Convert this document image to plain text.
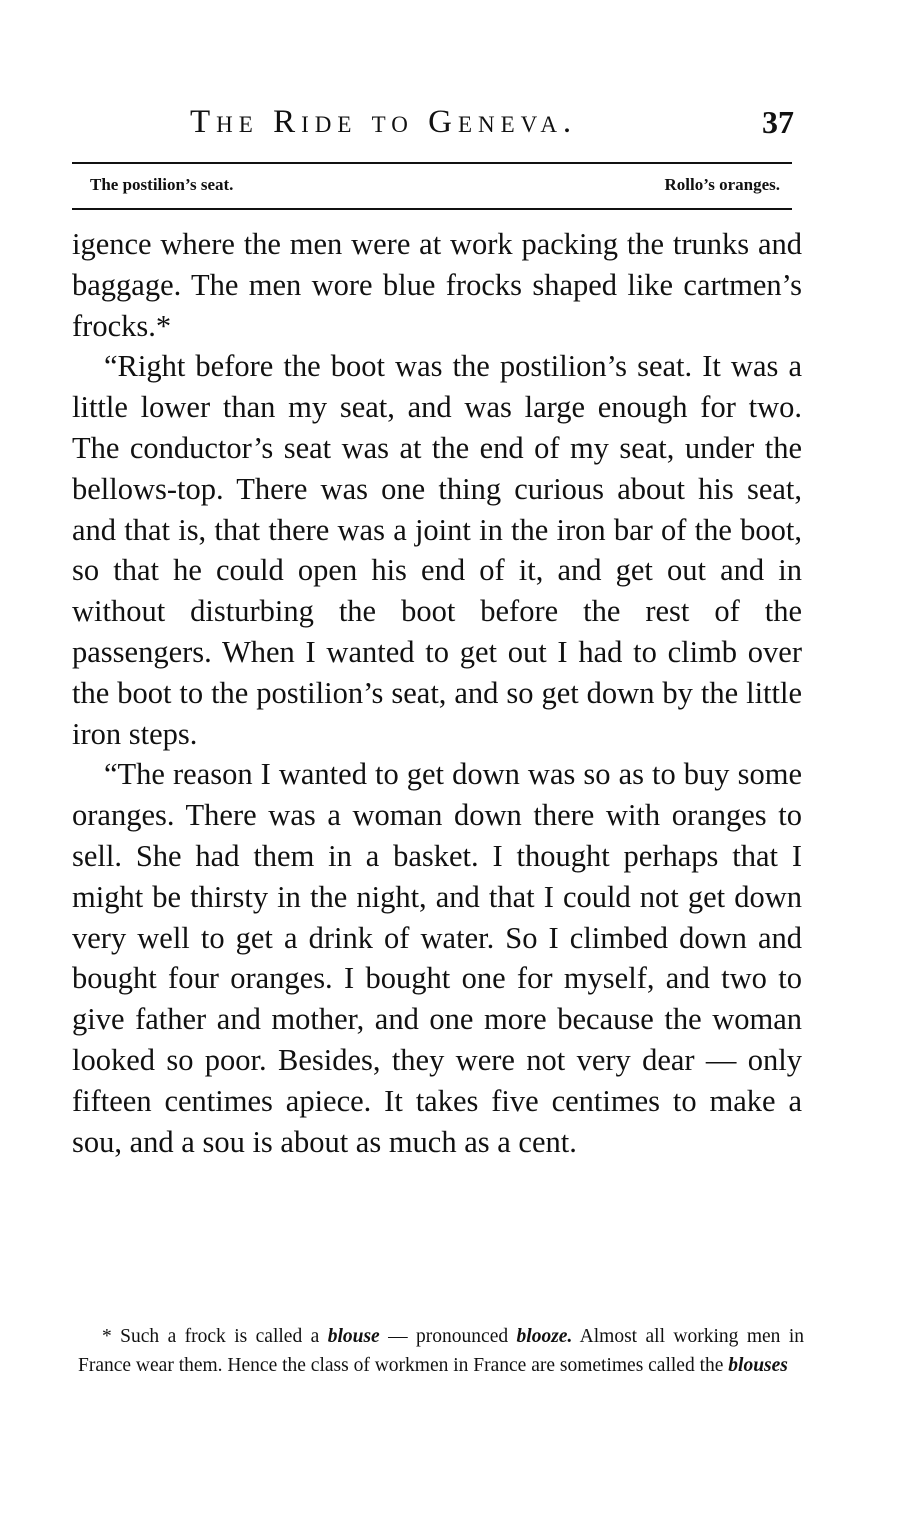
The Ride to Geneva.	37
The postilion’s seat.	Rollo’s oranges.

igence where the men were at work packing the trunks and baggage. The men wore blue frocks shaped like cartmen’s frocks.*

“Right before the boot was the postilion’s seat. It was a little lower than my seat, and was large enough for two. The conductor’s seat was at the end of my seat, under the bellows-top. There was one thing curious about his seat, and that is, that there was a joint in the iron bar of the boot, so that he could open his end of it, and get out and in without disturbing the boot before the rest of the passengers. When I wanted to get out I had to climb over the boot to the postilion’s seat, and so get down by the little iron steps.

“The reason I wanted to get down was so as to buy some oranges. There was a woman down there with oranges to sell. She had them in a basket. I thought perhaps that I might be thirsty in the night, and that I could not get down very well to get a drink of water. So I climbed down and bought four oranges. I bought one for myself, and two to give father and mother, and one more because the woman looked so poor. Besides, they were not very dear — only fifteen centimes apiece. It takes five centimes to make a sou, and a sou is about as much as a cent.

* Such a frock is called a blouse — pronounced blooze. Almost all working men in France wear them. Hence the class of workmen in France are sometimes called the blouses
